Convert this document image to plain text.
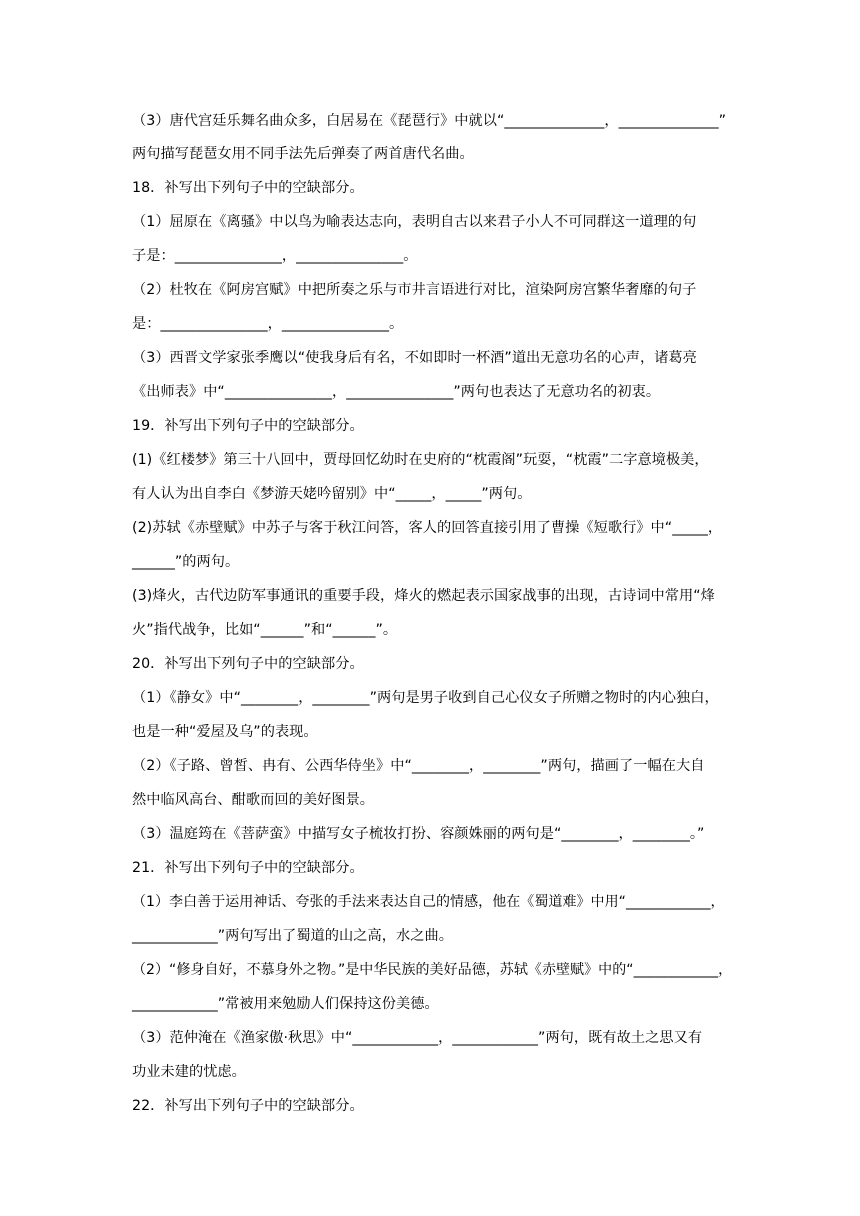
（3）唐代宫廷乐舞名曲众多，白居易在《琵琶行》中就以“______________，______________”
两句描写琵琶女用不同手法先后弹奏了两首唐代名曲。
18．补写出下列句子中的空缺部分。
（1）屈原在《离骚》中以鸟为喻表达志向，表明自古以来君子小人不可同群这一道理的句
子是：_______________，_______________。
（2）杜牧在《阿房宫赋》中把所奏之乐与市井言语进行对比，渲染阿房宫繁华奢靡的句子
是：_______________，_______________。
（3）西晋文学家张季鹰以“使我身后有名，不如即时一杯酒”道出无意功名的心声，诸葛亮
《出师表》中“_______________，_______________”两句也表达了无意功名的初衷。
19．补写出下列句子中的空缺部分。
(1)《红楼梦》第三十八回中，贾母回忆幼时在史府的“枕霞阁”玩耍，“枕霞”二字意境极美，
有人认为出自李白《梦游天姥吟留别》中“_____，_____”两句。
(2)苏轼《赤壁赋》中苏子与客于秋江问答，客人的回答直接引用了曹操《短歌行》中“_____，
______”的两句。
(3)烽火，古代边防军事通讯的重要手段，烽火的燃起表示国家战事的出现，古诗词中常用“烽
火”指代战争，比如“______”和“______”。
20．补写出下列句子中的空缺部分。
（1）《静女》中“________，________”两句是男子收到自己心仪女子所赠之物时的内心独白，
也是一种“爱屋及乌”的表现。
（2）《子路、曾皙、冉有、公西华侍坐》中“________，________”两句，描画了一幅在大自
然中临风高台、酣歌而回的美好图景。
（3）温庭筠在《菩萨蛮》中描写女子梳妆打扮、容颜姝丽的两句是“________，________。”
21．补写出下列句子中的空缺部分。
（1）李白善于运用神话、夸张的手法来表达自己的情感，他在《蜀道难》中用“____________，
____________”两句写出了蜀道的山之高，水之曲。
（2）“修身自好，不慕身外之物。”是中华民族的美好品德，苏轼《赤壁赋》中的“____________，
____________”常被用来勉励人们保持这份美德。
（3）范仲淹在《渔家傲·秋思》中“____________，____________”两句，既有故土之思又有
功业未建的忧虑。
22．补写出下列句子中的空缺部分。
